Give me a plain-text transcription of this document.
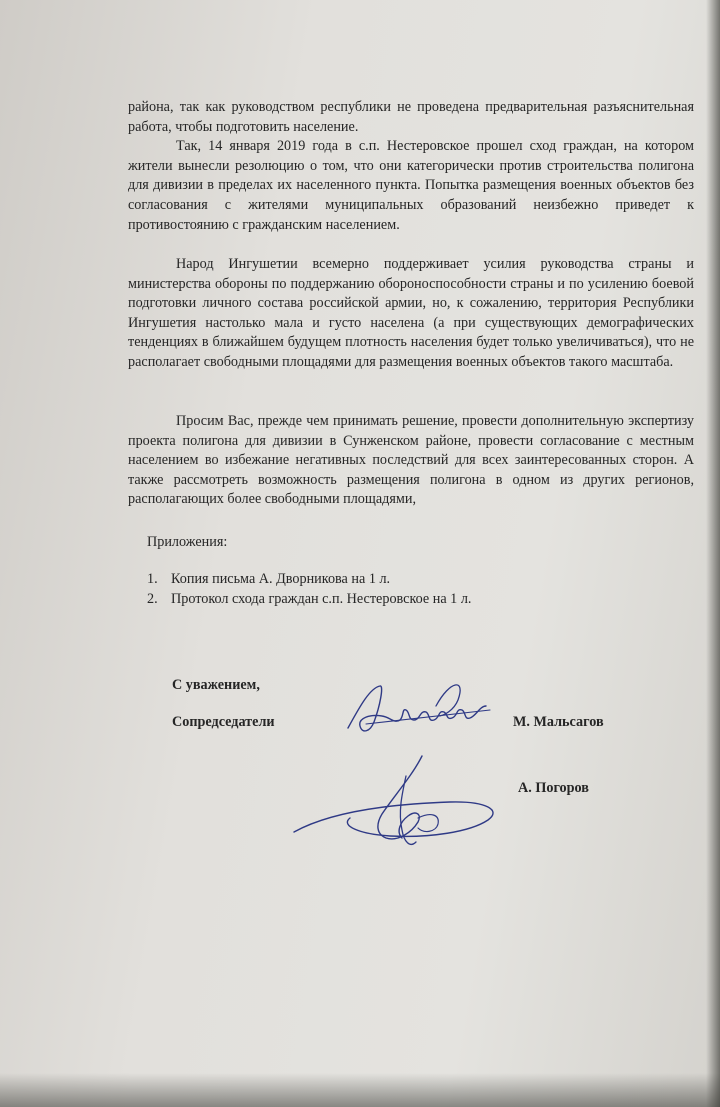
района, так как руководством республики не проведена предварительная разъяснительная работа, чтобы подготовить население.
Так, 14 января 2019 года в с.п. Нестеровское прошел сход граждан, на котором жители вынесли резолюцию о том, что они категорически против строительства полигона для дивизии в пределах их населенного пункта. Попытка размещения военных объектов без согласования с жителями муниципальных образований неизбежно приведет к противостоянию с гражданским населением.
Народ Ингушетии всемерно поддерживает усилия руководства страны и министерства обороны по поддержанию обороноспособности страны и по усилению боевой подготовки личного состава российской армии, но, к сожалению, территория Республики Ингушетия настолько мала и густо населена (а при существующих демографических тенденциях в ближайшем будущем плотность населения будет только увеличиваться), что не располагает свободными площадями для размещения военных объектов такого масштаба.
Просим Вас, прежде чем принимать решение, провести дополнительную экспертизу проекта полигона для дивизии в Сунженском районе, провести согласование с местным населением во избежание негативных последствий для всех заинтересованных сторон. А также рассмотреть возможность размещения полигона в одном из других регионов, располагающих более свободными площадями,
Приложения:
1. Копия письма А. Дворникова на 1 л.
2. Протокол схода граждан с.п. Нестеровское на 1 л.
С уважением,
Сопредседатели	М. Мальсагов
А. Погоров
